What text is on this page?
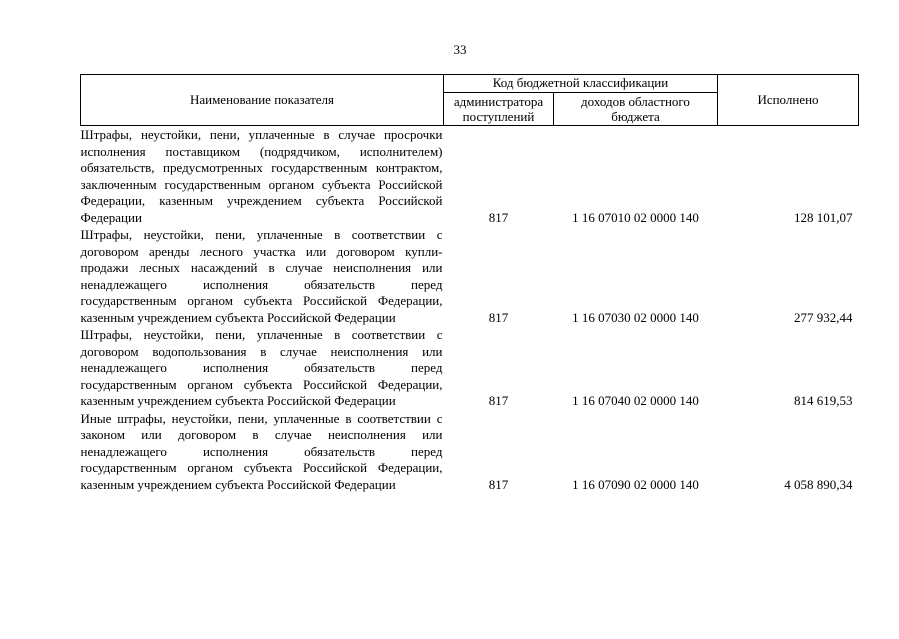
33
Наименование показателя	Код бюджетной классификации		Исполнено
	администратора поступлений	доходов областного бюджета	
Штрафы, неустойки, пени, уплаченные в случае просрочки исполнения поставщиком (подрядчиком, исполнителем) обязательств, предусмотренных государственным контрактом, заключенным государственным органом субъекта Российской Федерации, казенным учреждением субъекта Российской Федерации	817	1 16 07010 02 0000 140	128 101,07
Штрафы, неустойки, пени, уплаченные в соответствии с договором аренды лесного участка или договором купли-продажи лесных насаждений в случае неисполнения или ненадлежащего исполнения обязательств перед государственным органом субъекта Российской Федерации, казенным учреждением субъекта Российской Федерации	817	1 16 07030 02 0000 140	277 932,44
Штрафы, неустойки, пени, уплаченные в соответствии с договором водопользования в случае неисполнения или ненадлежащего исполнения обязательств перед государственным органом субъекта Российской Федерации, казенным учреждением субъекта Российской Федерации	817	1 16 07040 02 0000 140	814 619,53
Иные штрафы, неустойки, пени, уплаченные в соответствии с законом или договором в случае неисполнения или ненадлежащего исполнения обязательств перед государственным органом субъекта Российской Федерации, казенным учреждением субъекта Российской Федерации	817	1 16 07090 02 0000 140	4 058 890,34
